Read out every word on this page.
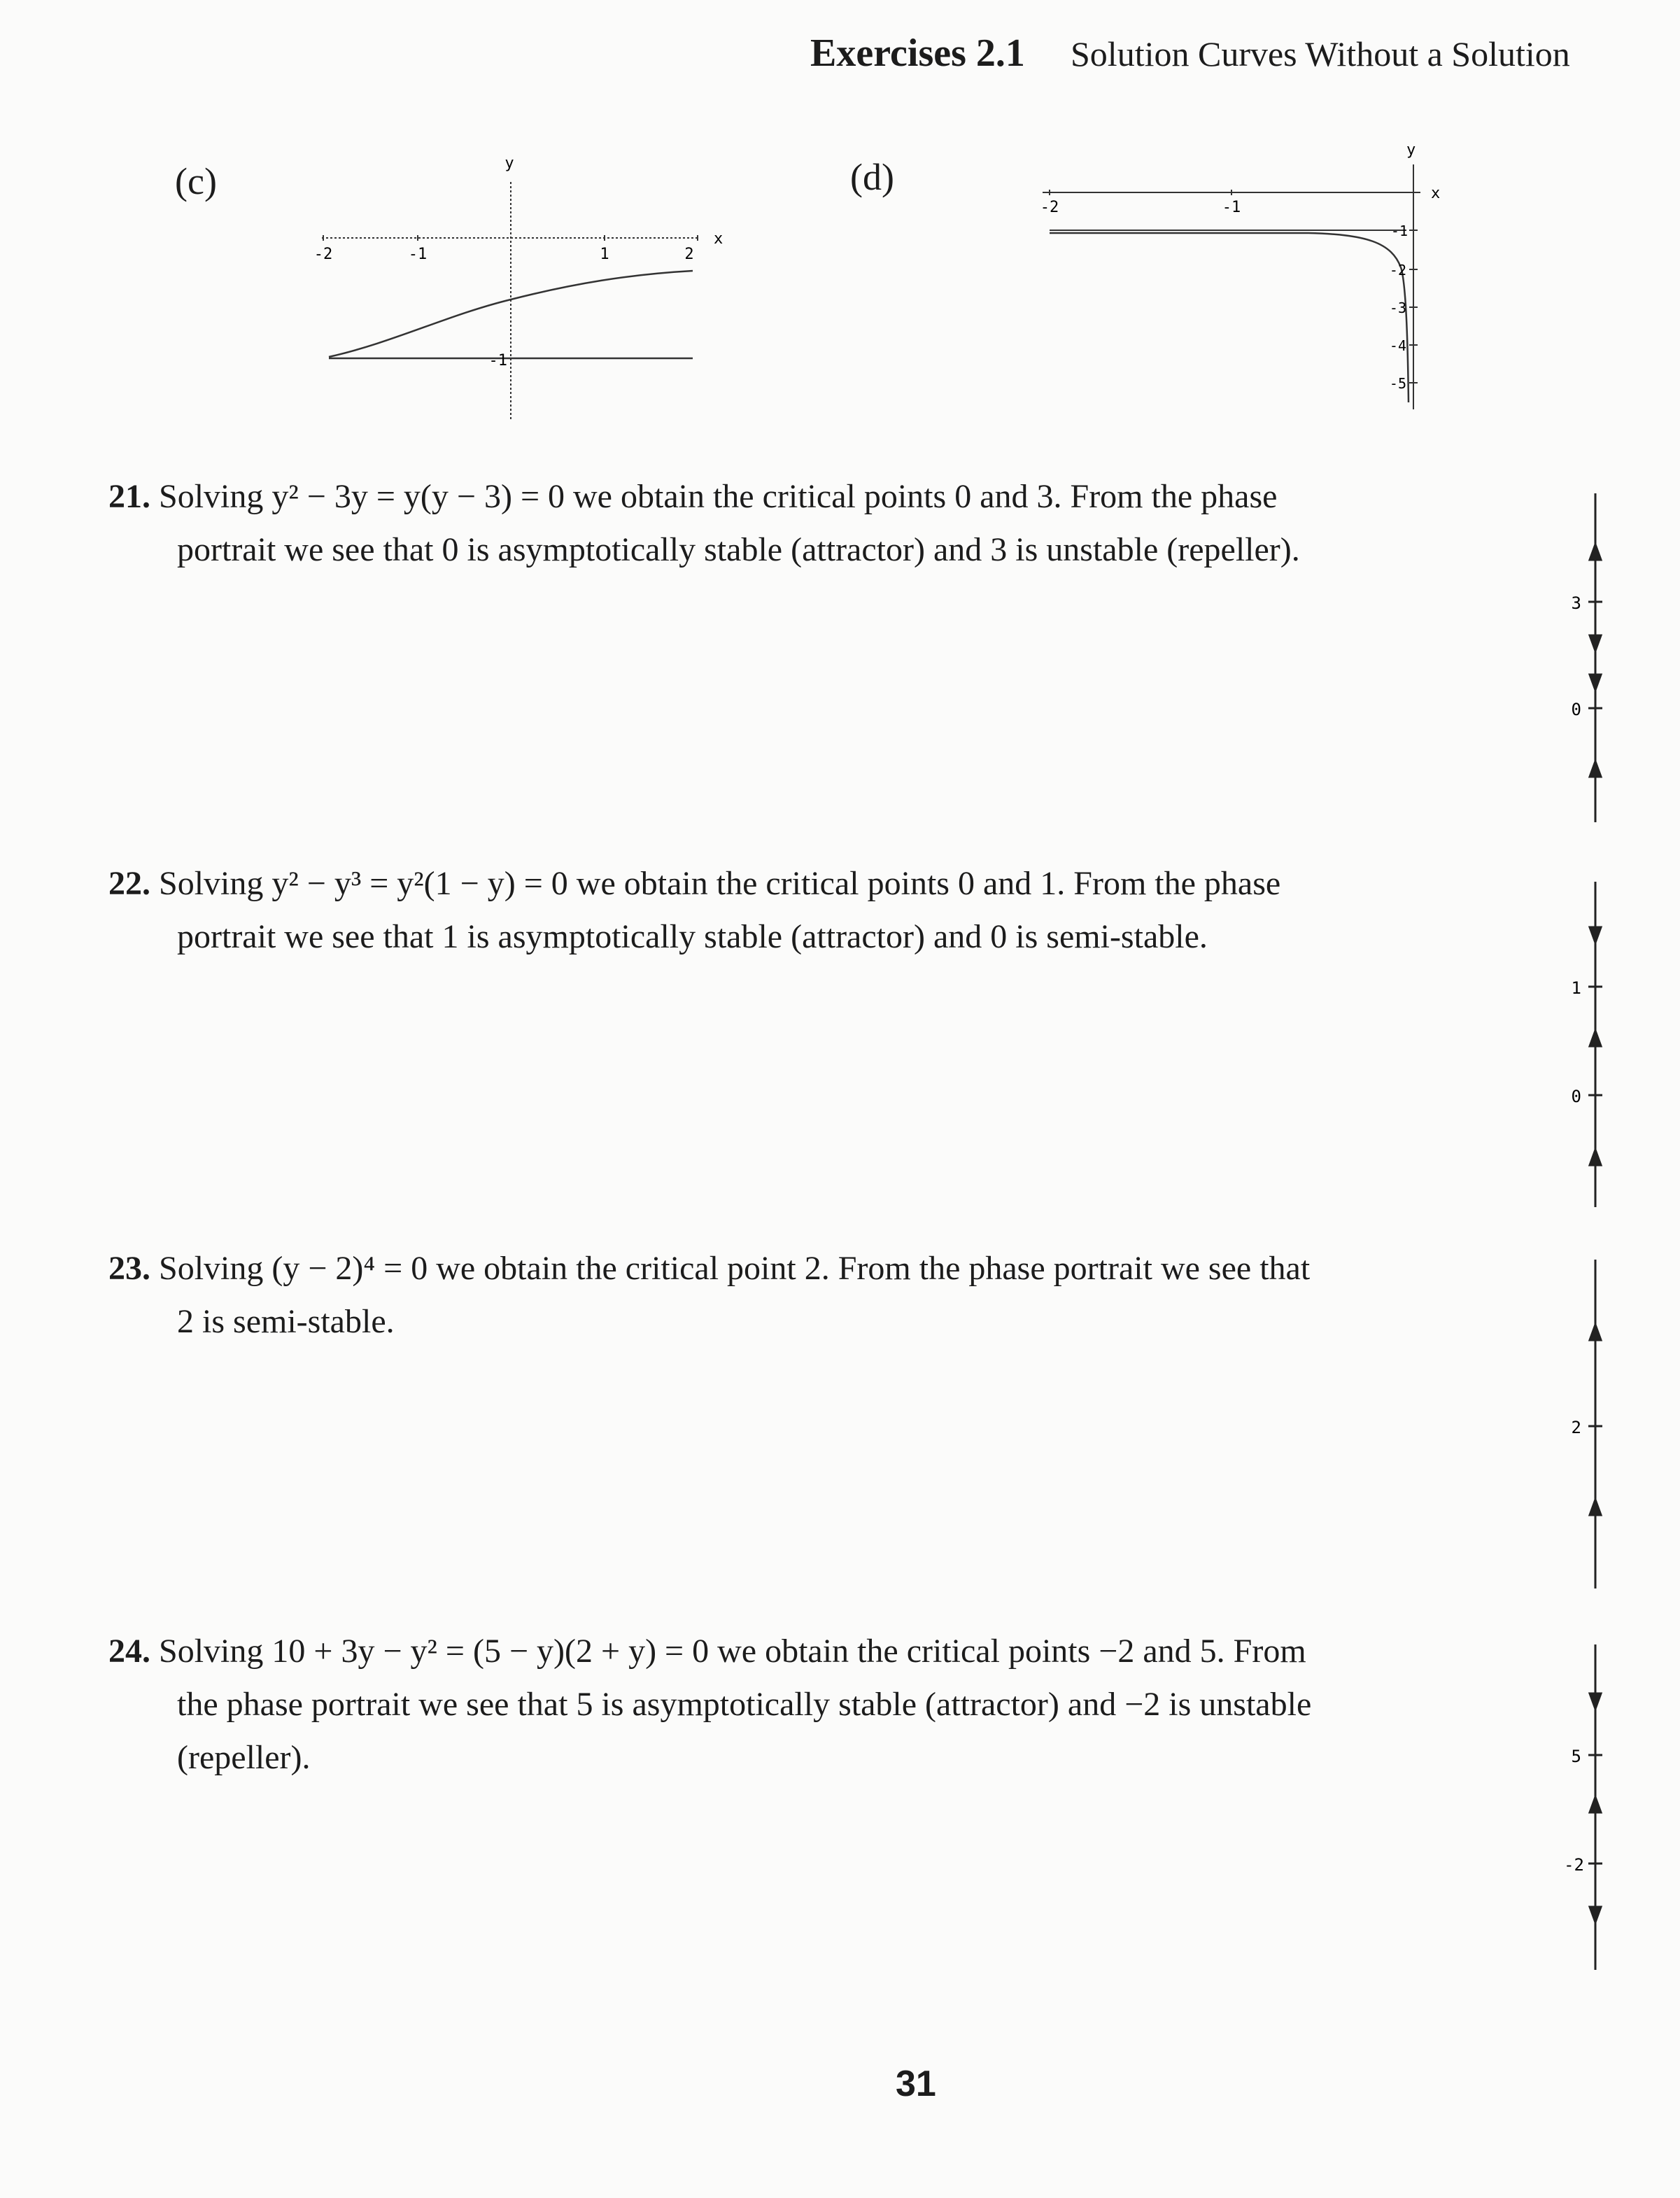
Exercises 2.1 Solution Curves Without a Solution
(c)	y
x
-2	-1	1	2
-1
(d)
y
x
-2	-1
-1
-2
-3
-4
-5
21. Solving y² − 3y = y(y − 3) = 0 we obtain the critical points 0 and 3. From the phase
portrait we see that 0 is asymptotically stable (attractor) and 3 is unstable (repeller).
3
0
22. Solving y² − y³ = y²(1 − y) = 0 we obtain the critical points 0 and 1. From the phase
portrait we see that 1 is asymptotically stable (attractor) and 0 is semi-stable.
1
0
23. Solving (y − 2)⁴ = 0 we obtain the critical point 2. From the phase portrait we see that
2 is semi-stable.
2
24. Solving 10 + 3y − y² = (5 − y)(2 + y) = 0 we obtain the critical points −2 and 5. From
the phase portrait we see that 5 is asymptotically stable (attractor) and −2 is unstable
(repeller).	5
-2
31
